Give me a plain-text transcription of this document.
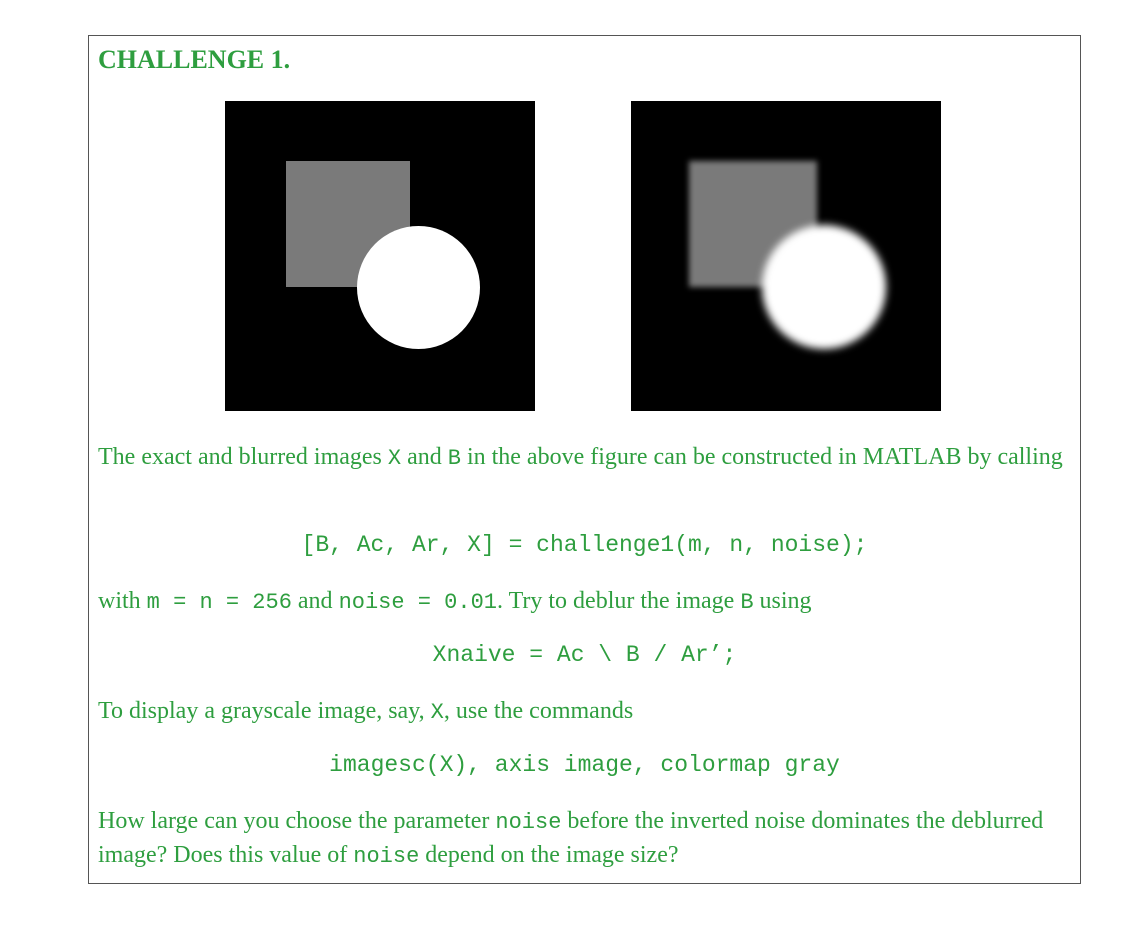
CHALLENGE 1.
The exact and blurred images X and B in the above figure can be constructed in MATLAB by calling
[B, Ac, Ar, X] = challenge1(m, n, noise);
with m = n = 256 and noise = 0.01. Try to deblur the image B using
Xnaive = Ac \ B / Ar’;
To display a grayscale image, say, X, use the commands
imagesc(X), axis image, colormap gray
How large can you choose the parameter noise before the inverted noise dominates the deblurred image? Does this value of noise depend on the image size?
